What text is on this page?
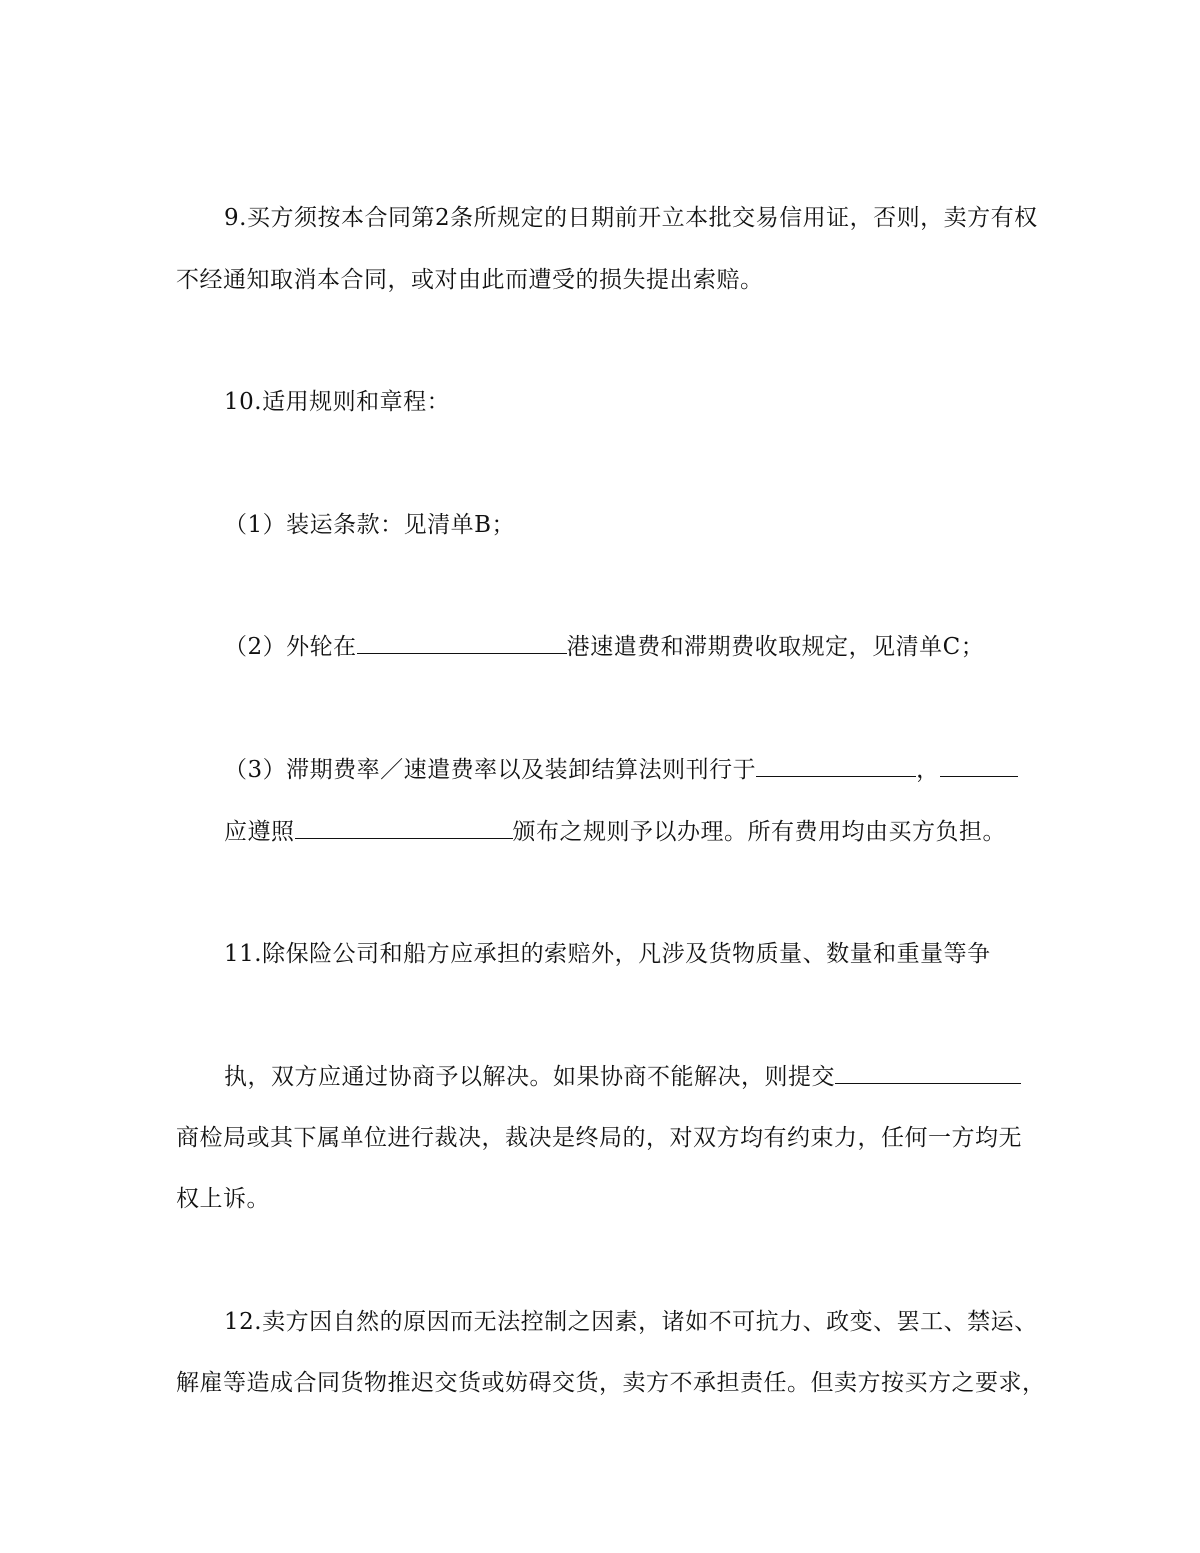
9.买方须按本合同第2条所规定的日期前开立本批交易信用证，否则，卖方有权
不经通知取消本合同，或对由此而遭受的损失提出索赔。
10.适用规则和章程：
（1）装运条款：见清单B；
（2）外轮在	港速遣费和滞期费收取规定，见清单C；
（3）滞期费率／速遣费率以及装卸结算法则刊行于	，
应遵照	颁布之规则予以办理。所有费用均由买方负担。
11.除保险公司和船方应承担的索赔外，凡涉及货物质量、数量和重量等争
执，双方应通过协商予以解决。如果协商不能解决，则提交
商检局或其下属单位进行裁决，裁决是终局的，对双方均有约束力，任何一方均无
权上诉。
12.卖方因自然的原因而无法控制之因素，诸如不可抗力、政变、罢工、禁运、
解雇等造成合同货物推迟交货或妨碍交货，卖方不承担责任。但卖方按买方之要求，
